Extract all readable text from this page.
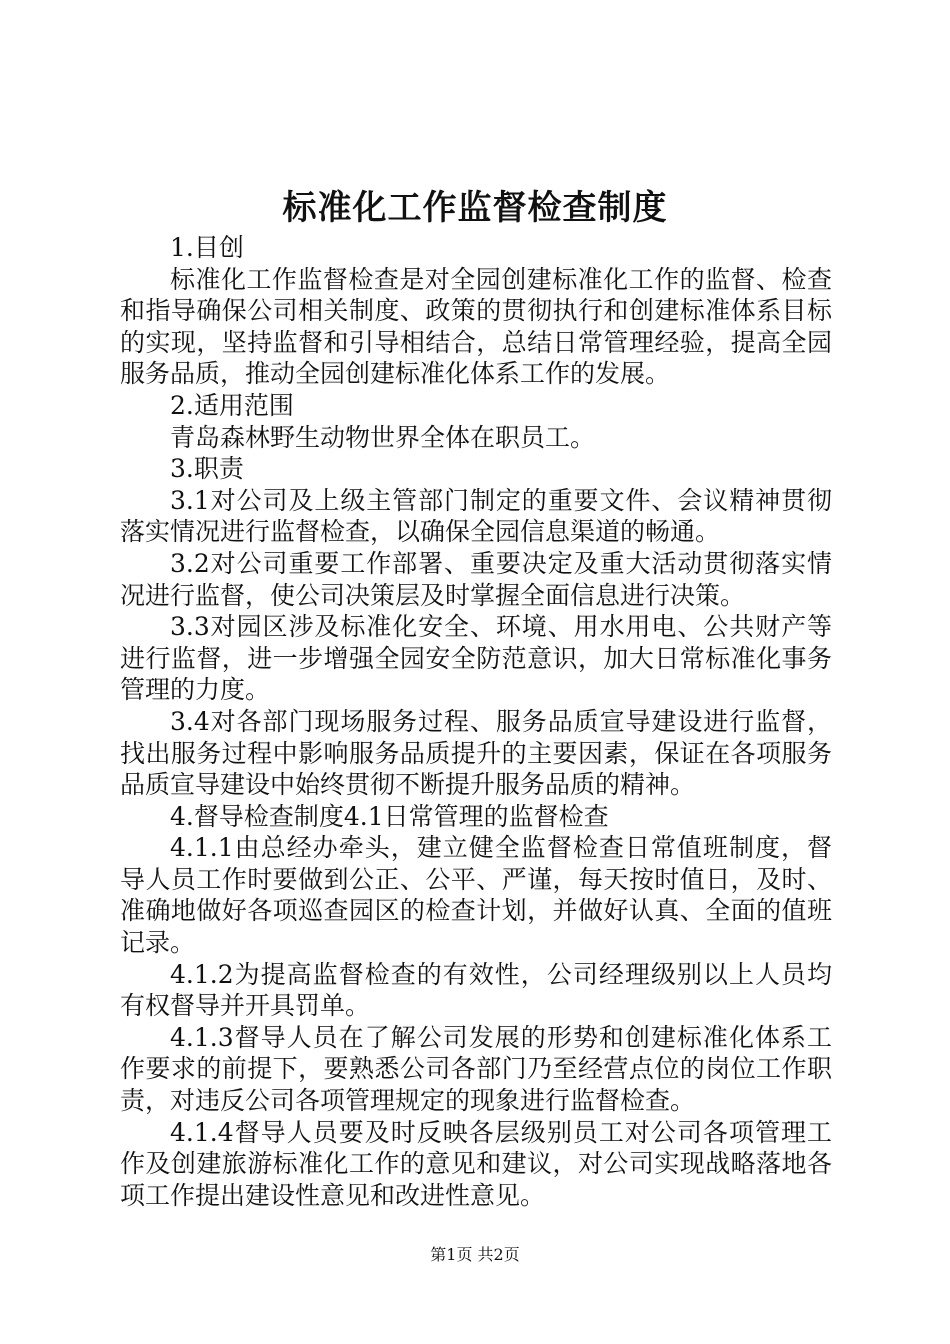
标准化工作监督检查制度

1.目创

标准化工作监督检查是对全园创建标准化工作的监督、检查和指导确保公司相关制度、政策的贯彻执行和创建标准体系目标的实现，坚持监督和引导相结合，总结日常管理经验，提高全园服务品质，推动全园创建标准化体系工作的发展。

2.适用范围

青岛森林野生动物世界全体在职员工。

3.职责

3.1对公司及上级主管部门制定的重要文件、会议精神贯彻落实情况进行监督检查，以确保全园信息渠道的畅通。

3.2对公司重要工作部署、重要决定及重大活动贯彻落实情况进行监督，使公司决策层及时掌握全面信息进行决策。

3.3对园区涉及标准化安全、环境、用水用电、公共财产等进行监督，进一步增强全园安全防范意识，加大日常标准化事务管理的力度。

3.4对各部门现场服务过程、服务品质宣导建设进行监督，找出服务过程中影响服务品质提升的主要因素，保证在各项服务品质宣导建设中始终贯彻不断提升服务品质的精神。

4.督导检查制度4.1日常管理的监督检查

4.1.1由总经办牵头，建立健全监督检查日常值班制度，督导人员工作时要做到公正、公平、严谨，每天按时值日，及时、准确地做好各项巡查园区的检查计划，并做好认真、全面的值班记录。

4.1.2为提高监督检查的有效性，公司经理级别以上人员均有权督导并开具罚单。

4.1.3督导人员在了解公司发展的形势和创建标准化体系工作要求的前提下，要熟悉公司各部门乃至经营点位的岗位工作职责，对违反公司各项管理规定的现象进行监督检查。

4.1.4督导人员要及时反映各层级别员工对公司各项管理工作及创建旅游标准化工作的意见和建议，对公司实现战略落地各项工作提出建设性意见和改进性意见。

第1页 共2页
